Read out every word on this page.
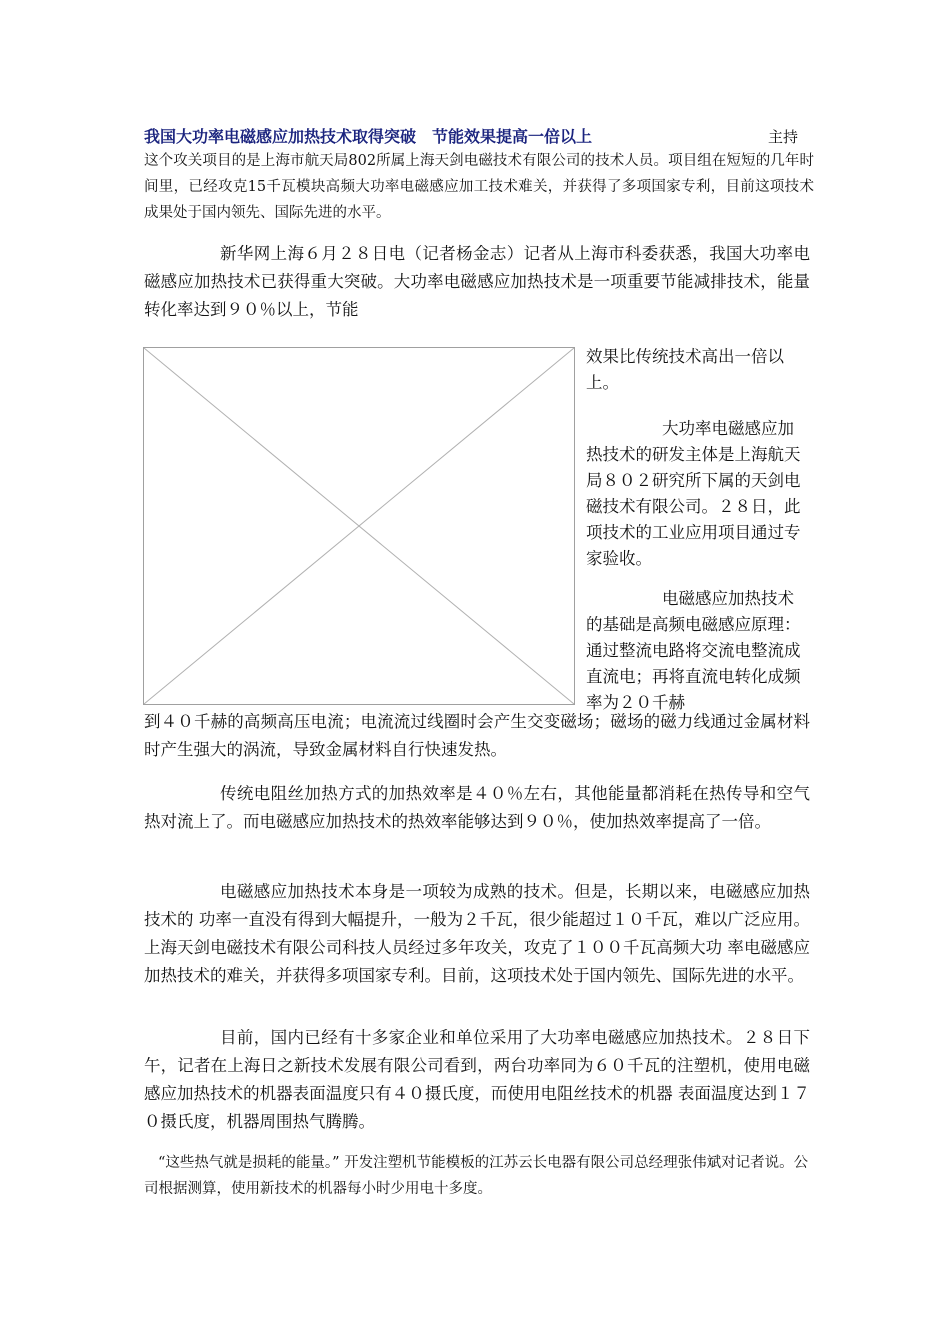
我国大功率电磁感应加热技术取得突破　节能效果提高一倍以上	主持
这个攻关项目的是上海市航天局802所属上海天剑电磁技术有限公司的技术人员。项目组在短短的几年时间里，已经攻克15千瓦模块高频大功率电磁感应加工技术难关，并获得了多项国家专利，目前这项技术成果处于国内领先、国际先进的水平。
新华网上海６月２８日电（记者杨金志）记者从上海市科委获悉，我国大功率电磁感应加热技术已获得重大突破。大功率电磁感应加热技术是一项重要节能减排技术，能量转化率达到９０％以上，节能
效果比传统技术高出一倍以上。
大功率电磁感应加热技术的研发主体是上海航天局８０２研究所下属的天剑电磁技术有限公司。２８日，此项技术的工业应用项目通过专家验收。
电磁感应加热技术的基础是高频电磁感应原理：通过整流电路将交流电整流成直流电；再将直流电转化成频率为２０千赫
到４０千赫的高频高压电流；电流流过线圈时会产生交变磁场；磁场的磁力线通过金属材料时产生强大的涡流，导致金属材料自行快速发热。
传统电阻丝加热方式的加热效率是４０％左右，其他能量都消耗在热传导和空气热对流上了。而电磁感应加热技术的热效率能够达到９０％，使加热效率提高了一倍。
电磁感应加热技术本身是一项较为成熟的技术。但是，长期以来，电磁感应加热技术的 功率一直没有得到大幅提升，一般为２千瓦，很少能超过１０千瓦，难以广泛应用。上海天剑电磁技术有限公司科技人员经过多年攻关，攻克了１００千瓦高频大功 率电磁感应加热技术的难关，并获得多项国家专利。目前，这项技术处于国内领先、国际先进的水平。
目前，国内已经有十多家企业和单位采用了大功率电磁感应加热技术。２８日下 午，记者在上海日之新技术发展有限公司看到，两台功率同为６０千瓦的注塑机，使用电磁感应加热技术的机器表面温度只有４０摄氏度，而使用电阻丝技术的机器 表面温度达到１７０摄氏度，机器周围热气腾腾。
“这些热气就是损耗的能量。” 开发注塑机节能模板的江苏云长电器有限公司总经理张伟斌对记者说。公司根据测算，使用新技术的机器每小时少用电十多度。
